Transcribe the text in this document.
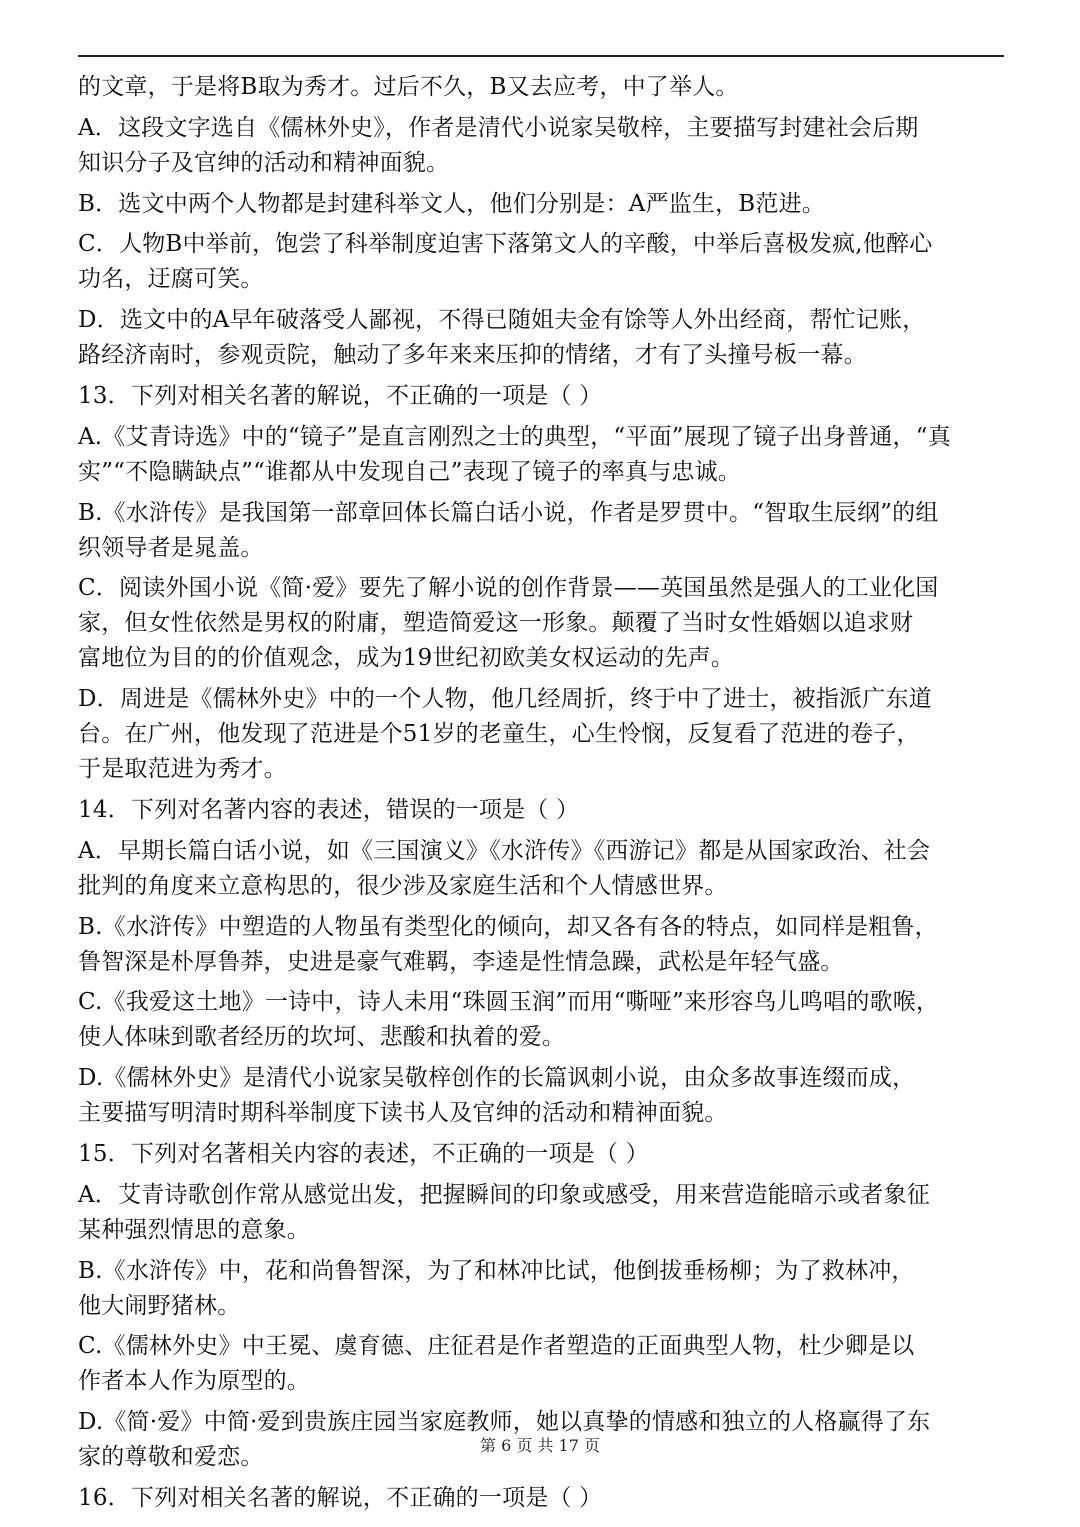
的文章，于是将B取为秀才。过后不久，B又去应考，中了举人。
A．这段文字选自《儒林外史》，作者是清代小说家吴敬梓，主要描写封建社会后期
知识分子及官绅的活动和精神面貌。
B．选文中两个人物都是封建科举文人，他们分别是：A严监生，B范进。
C．人物B中举前，饱尝了科举制度迫害下落第文人的辛酸，中举后喜极发疯,他醉心
功名，迂腐可笑。
D．选文中的A早年破落受人鄙视，不得已随姐夫金有馀等人外出经商，帮忙记账，
路经济南时，参观贡院，触动了多年来来压抑的情绪，才有了头撞号板一幕。
13．下列对相关名著的解说，不正确的一项是（ ）
A.《艾青诗选》中的“镜子”是直言刚烈之士的典型，“平面”展现了镜子出身普通，“真
实”“不隐瞒缺点”“谁都从中发现自己”表现了镜子的率真与忠诚。
B.《水浒传》是我国第一部章回体长篇白话小说，作者是罗贯中。“智取生辰纲”的组
织领导者是晁盖。
C．阅读外国小说《简·爱》要先了解小说的创作背景——英国虽然是强人的工业化国
家，但女性依然是男权的附庸，塑造简爱这一形象。颠覆了当时女性婚姻以追求财
富地位为目的的价值观念，成为19世纪初欧美女权运动的先声。
D．周进是《儒林外史》中的一个人物，他几经周折，终于中了进士，被指派广东道
台。在广州，他发现了范进是个51岁的老童生，心生怜悯，反复看了范进的卷子，
于是取范进为秀才。
14．下列对名著内容的表述，错误的一项是（ ）
A．早期长篇白话小说，如《三国演义》《水浒传》《西游记》都是从国家政治、社会
批判的角度来立意构思的，很少涉及家庭生活和个人情感世界。
B.《水浒传》中塑造的人物虽有类型化的倾向，却又各有各的特点，如同样是粗鲁，
鲁智深是朴厚鲁莽，史进是豪气难羁，李逵是性情急躁，武松是年轻气盛。
C.《我爱这土地》一诗中，诗人未用“珠圆玉润”而用“嘶哑”来形容鸟儿鸣唱的歌喉，
使人体味到歌者经历的坎坷、悲酸和执着的爱。
D.《儒林外史》是清代小说家吴敬梓创作的长篇讽刺小说，由众多故事连缀而成，
主要描写明清时期科举制度下读书人及官绅的活动和精神面貌。
15．下列对名著相关内容的表述，不正确的一项是（ ）
A．艾青诗歌创作常从感觉出发，把握瞬间的印象或感受，用来营造能暗示或者象征
某种强烈情思的意象。
B.《水浒传》中，花和尚鲁智深，为了和林冲比试，他倒拔垂杨柳；为了救林冲，
他大闹野猪林。
C.《儒林外史》中王冕、虞育德、庄征君是作者塑造的正面典型人物，杜少卿是以
作者本人作为原型的。
D.《简·爱》中简·爱到贵族庄园当家庭教师，她以真挚的情感和独立的人格赢得了东
家的尊敬和爱恋。
16．下列对相关名著的解说，不正确的一项是（ ）
第 6 页 共 17 页
